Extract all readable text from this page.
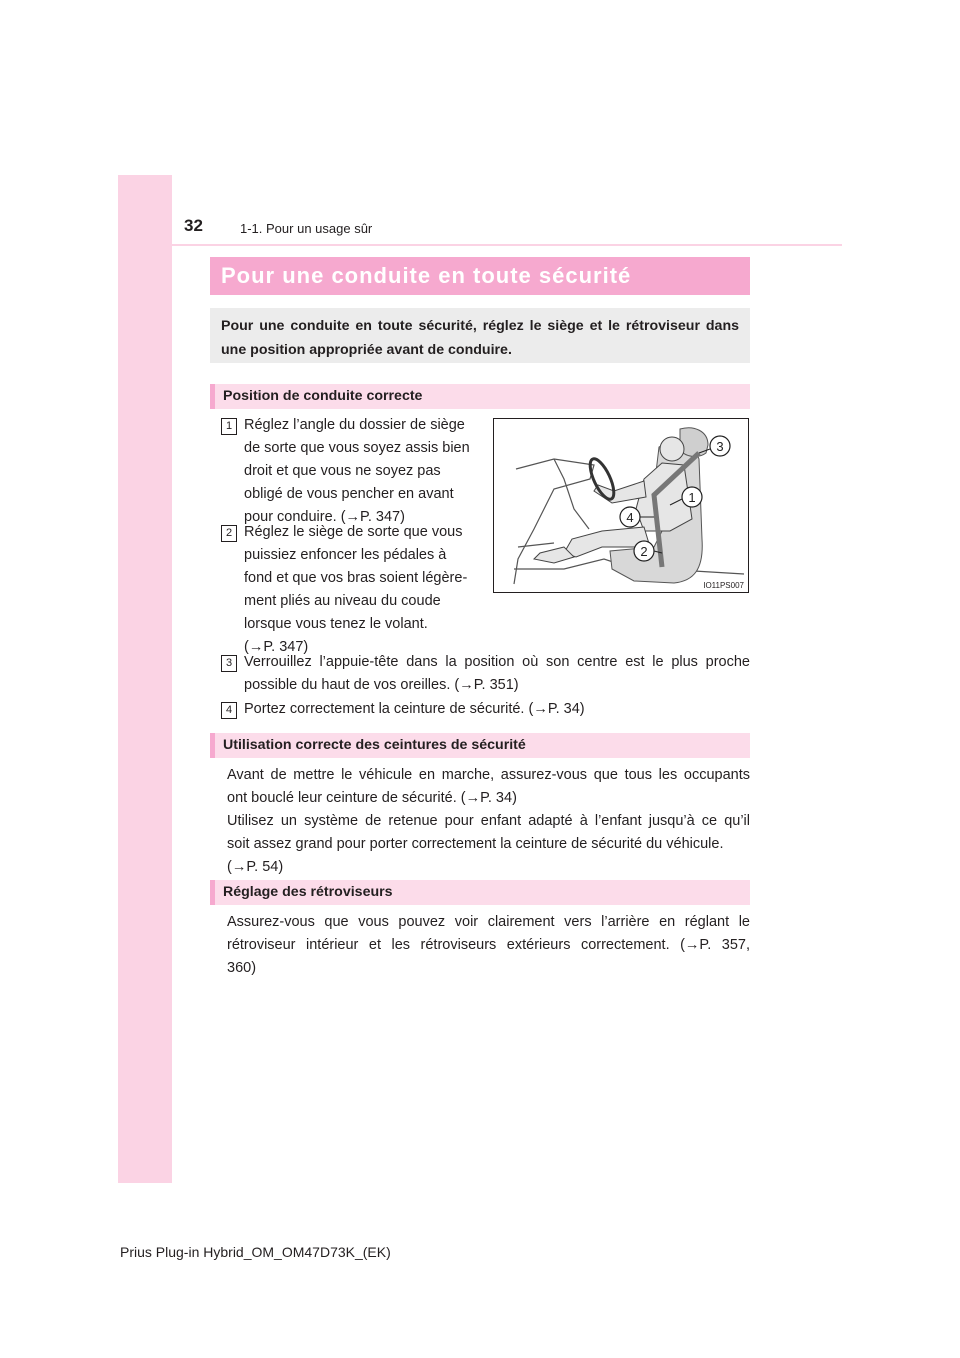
32	1-1. Pour un usage sûr
Pour une conduite en toute sécurité
Pour une conduite en toute sécurité, réglez le siège et le rétroviseur dans une position appropriée avant de conduire.
Position de conduite correcte
1 Réglez l’angle du dossier de siège
de sorte que vous soyez assis bien
droit et que vous ne soyez pas
obligé de vous pencher en avant
pour conduire. (→P. 347)
2 Réglez le siège de sorte que vous
puissiez enfoncer les pédales à
fond et que vos bras soient légère-
ment pliés au niveau du coude
lorsque vous tenez le volant.
(→P. 347)
3
1
4
2
IO11PS007
3 Verrouillez l’appuie-tête dans la position où son centre est le plus proche
possible du haut de vos oreilles. (→P. 351)
4 Portez correctement la ceinture de sécurité. (→P. 34)
Utilisation correcte des ceintures de sécurité
Avant de mettre le véhicule en marche, assurez-vous que tous les occupants
ont bouclé leur ceinture de sécurité. (→P. 34)
Utilisez un système de retenue pour enfant adapté à l’enfant jusqu’à ce qu’il
soit assez grand pour porter correctement la ceinture de sécurité du véhicule.
(→P. 54)
Réglage des rétroviseurs
Assurez-vous que vous pouvez voir clairement vers l’arrière en réglant le
rétroviseur intérieur et les rétroviseurs extérieurs correctement. (→P. 357,
360)
Prius Plug-in Hybrid_OM_OM47D73K_(EK)
